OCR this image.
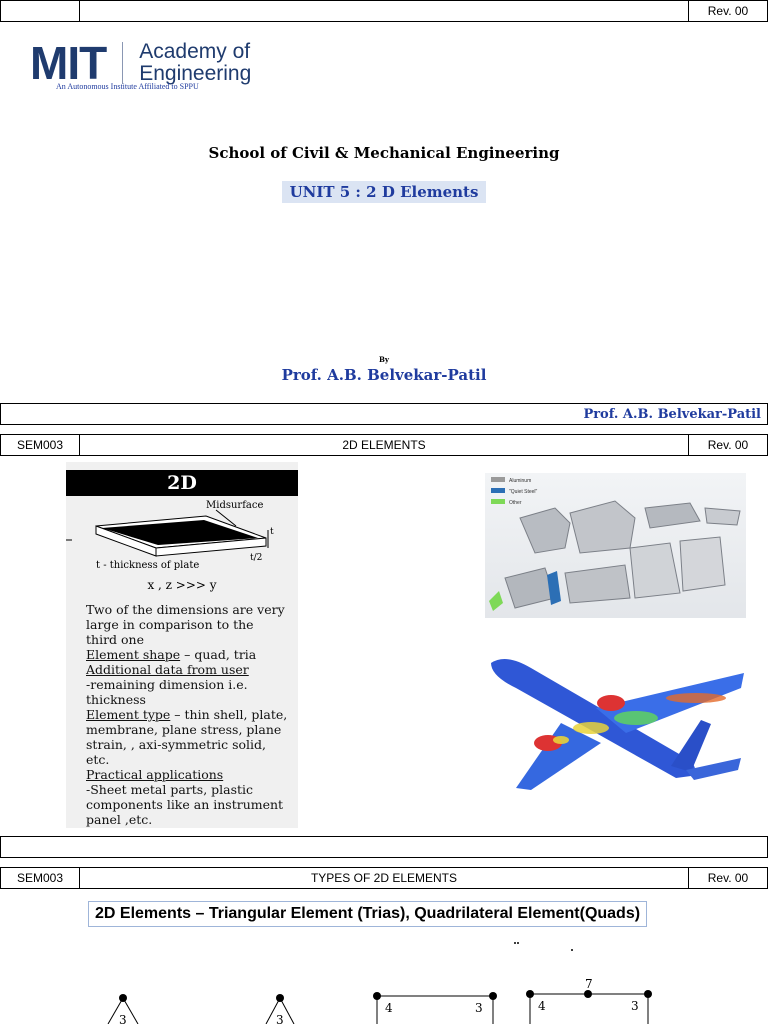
Rev. 00
MIT Academy of
Engineering
An Autonomous Institute Affiliated to SPPU
School of Civil & Mechanical Engineering
UNIT 5 : 2 D Elements
By
Prof. A.B. Belvekar-Patil
Prof. A.B. Belvekar-Patil
SEM003	2D ELEMENTS	Rev. 00
2D
Midsurface
t
t/2
t - thickness of plate
x , z >>> y

Two of the dimensions are very large in comparison to the third one

Element shape – quad, tria

Additional data from user

-remaining dimension i.e. thickness

Element type – thin shell, plate, membrane, plane stress, plane strain, , axi-symmetric solid, etc.

Practical applications

-Sheet metal parts, plastic components like an instrument panel ,etc.

Aluminum
"Quiet Steel"
Other
SEM003	TYPES OF 2D ELEMENTS	Rev. 00
2D Elements – Triangular Element (Trias), Quadrilateral Element(Quads)
3	3
4	3	4
7
3
